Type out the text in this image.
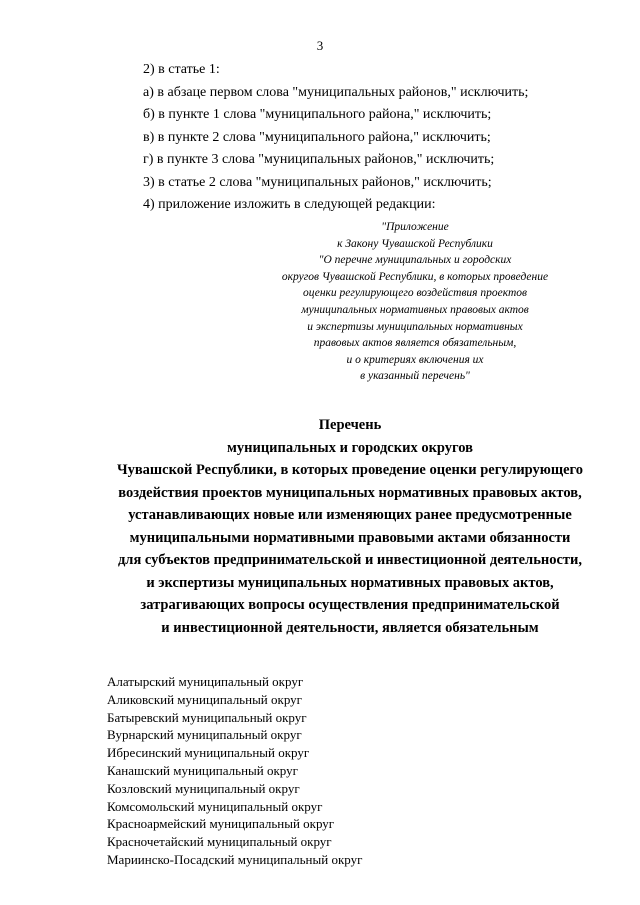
3

2) в статье 1:

а) в абзаце первом слова "муниципальных районов," исключить;

б) в пункте 1 слова "муниципального района," исключить;

в) в пункте 2 слова "муниципального района," исключить;

г) в пункте 3 слова "муниципальных районов," исключить;

3) в статье 2 слова "муниципальных районов," исключить;

4) приложение изложить в следующей редакции:

"Приложение

к Закону Чувашской Республики

"О перечне муниципальных и городских

округов Чувашской Республики, в которых проведение

оценки регулирующего воздействия проектов

муниципальных нормативных правовых актов

и экспертизы муниципальных нормативных

правовых актов является обязательным,

и о критериях включения их

в указанный перечень"

Перечень

муниципальных и городских округов

Чувашской Республики, в которых проведение оценки регулирующего

воздействия проектов муниципальных нормативных правовых актов,

устанавливающих новые или изменяющих ранее предусмотренные

муниципальными нормативными правовыми актами обязанности

для субъектов предпринимательской и инвестиционной деятельности,

и экспертизы муниципальных нормативных правовых актов,

затрагивающих вопросы осуществления предпринимательской

и инвестиционной деятельности, является обязательным

Алатырский муниципальный округ
Аликовский муниципальный округ
Батыревский муниципальный округ
Вурнарский муниципальный округ
Ибресинский муниципальный округ
Канашский муниципальный округ
Козловский муниципальный округ
Комсомольский муниципальный округ
Красноармейский муниципальный округ
Красночетайский муниципальный округ
Мариинско-Посадский муниципальный округ
